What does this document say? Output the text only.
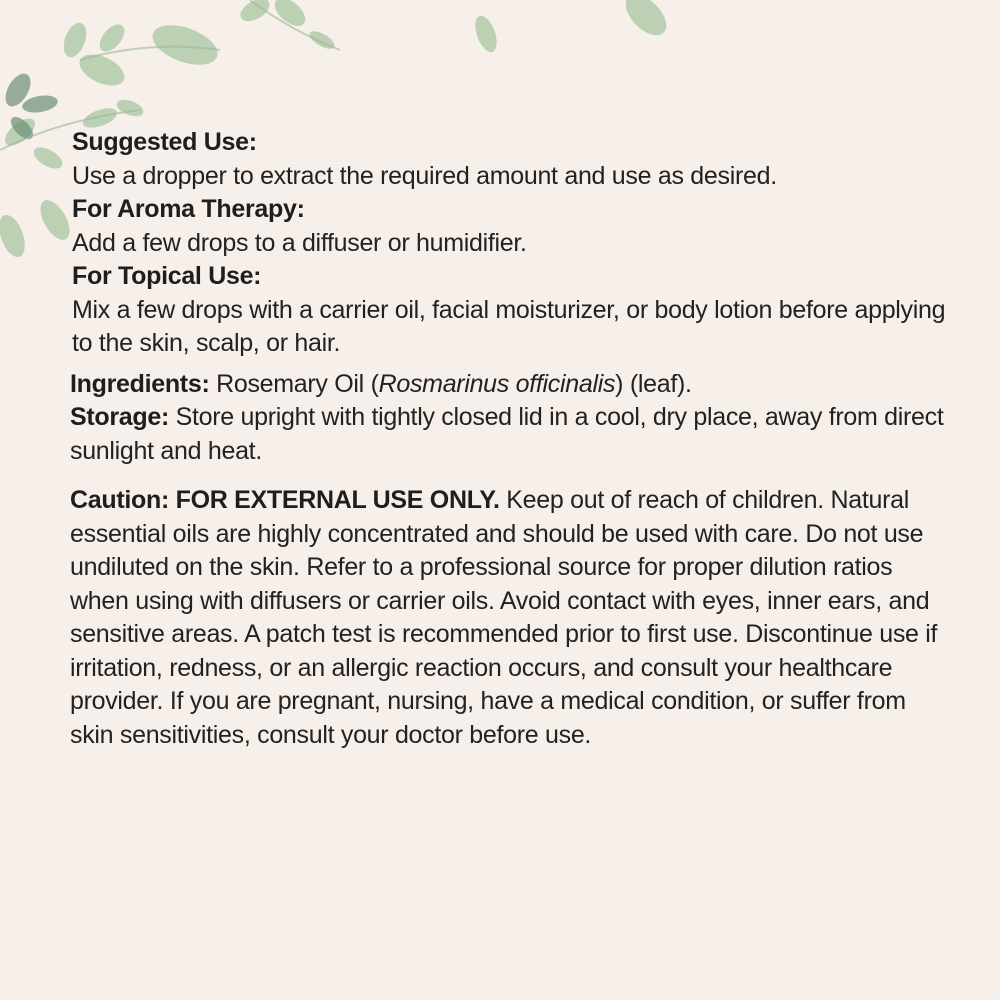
Suggested Use:

Use a dropper to extract the required amount and use as desired.

For Aroma Therapy:

Add a few drops to a diffuser or humidifier.

For Topical Use:

Mix a few drops with a carrier oil, facial moisturizer, or body lotion before applying to the skin, scalp, or hair.

Ingredients: Rosemary Oil (Rosmarinus officinalis) (leaf).

Storage: Store upright with tightly closed lid in a cool, dry place, away from direct sunlight and heat.

Caution: FOR EXTERNAL USE ONLY. Keep out of reach of children. Natural essential oils are highly concentrated and should be used with care. Do not use undiluted on the skin. Refer to a professional source for proper dilution ratios when using with diffusers or carrier oils. Avoid contact with eyes, inner ears, and sensitive areas. A patch test is recommended prior to first use. Discontinue use if irritation, redness, or an allergic reaction occurs, and consult your healthcare provider. If you are pregnant, nursing, have a medical condition, or suffer from skin sensitivities, consult your doctor before use.
